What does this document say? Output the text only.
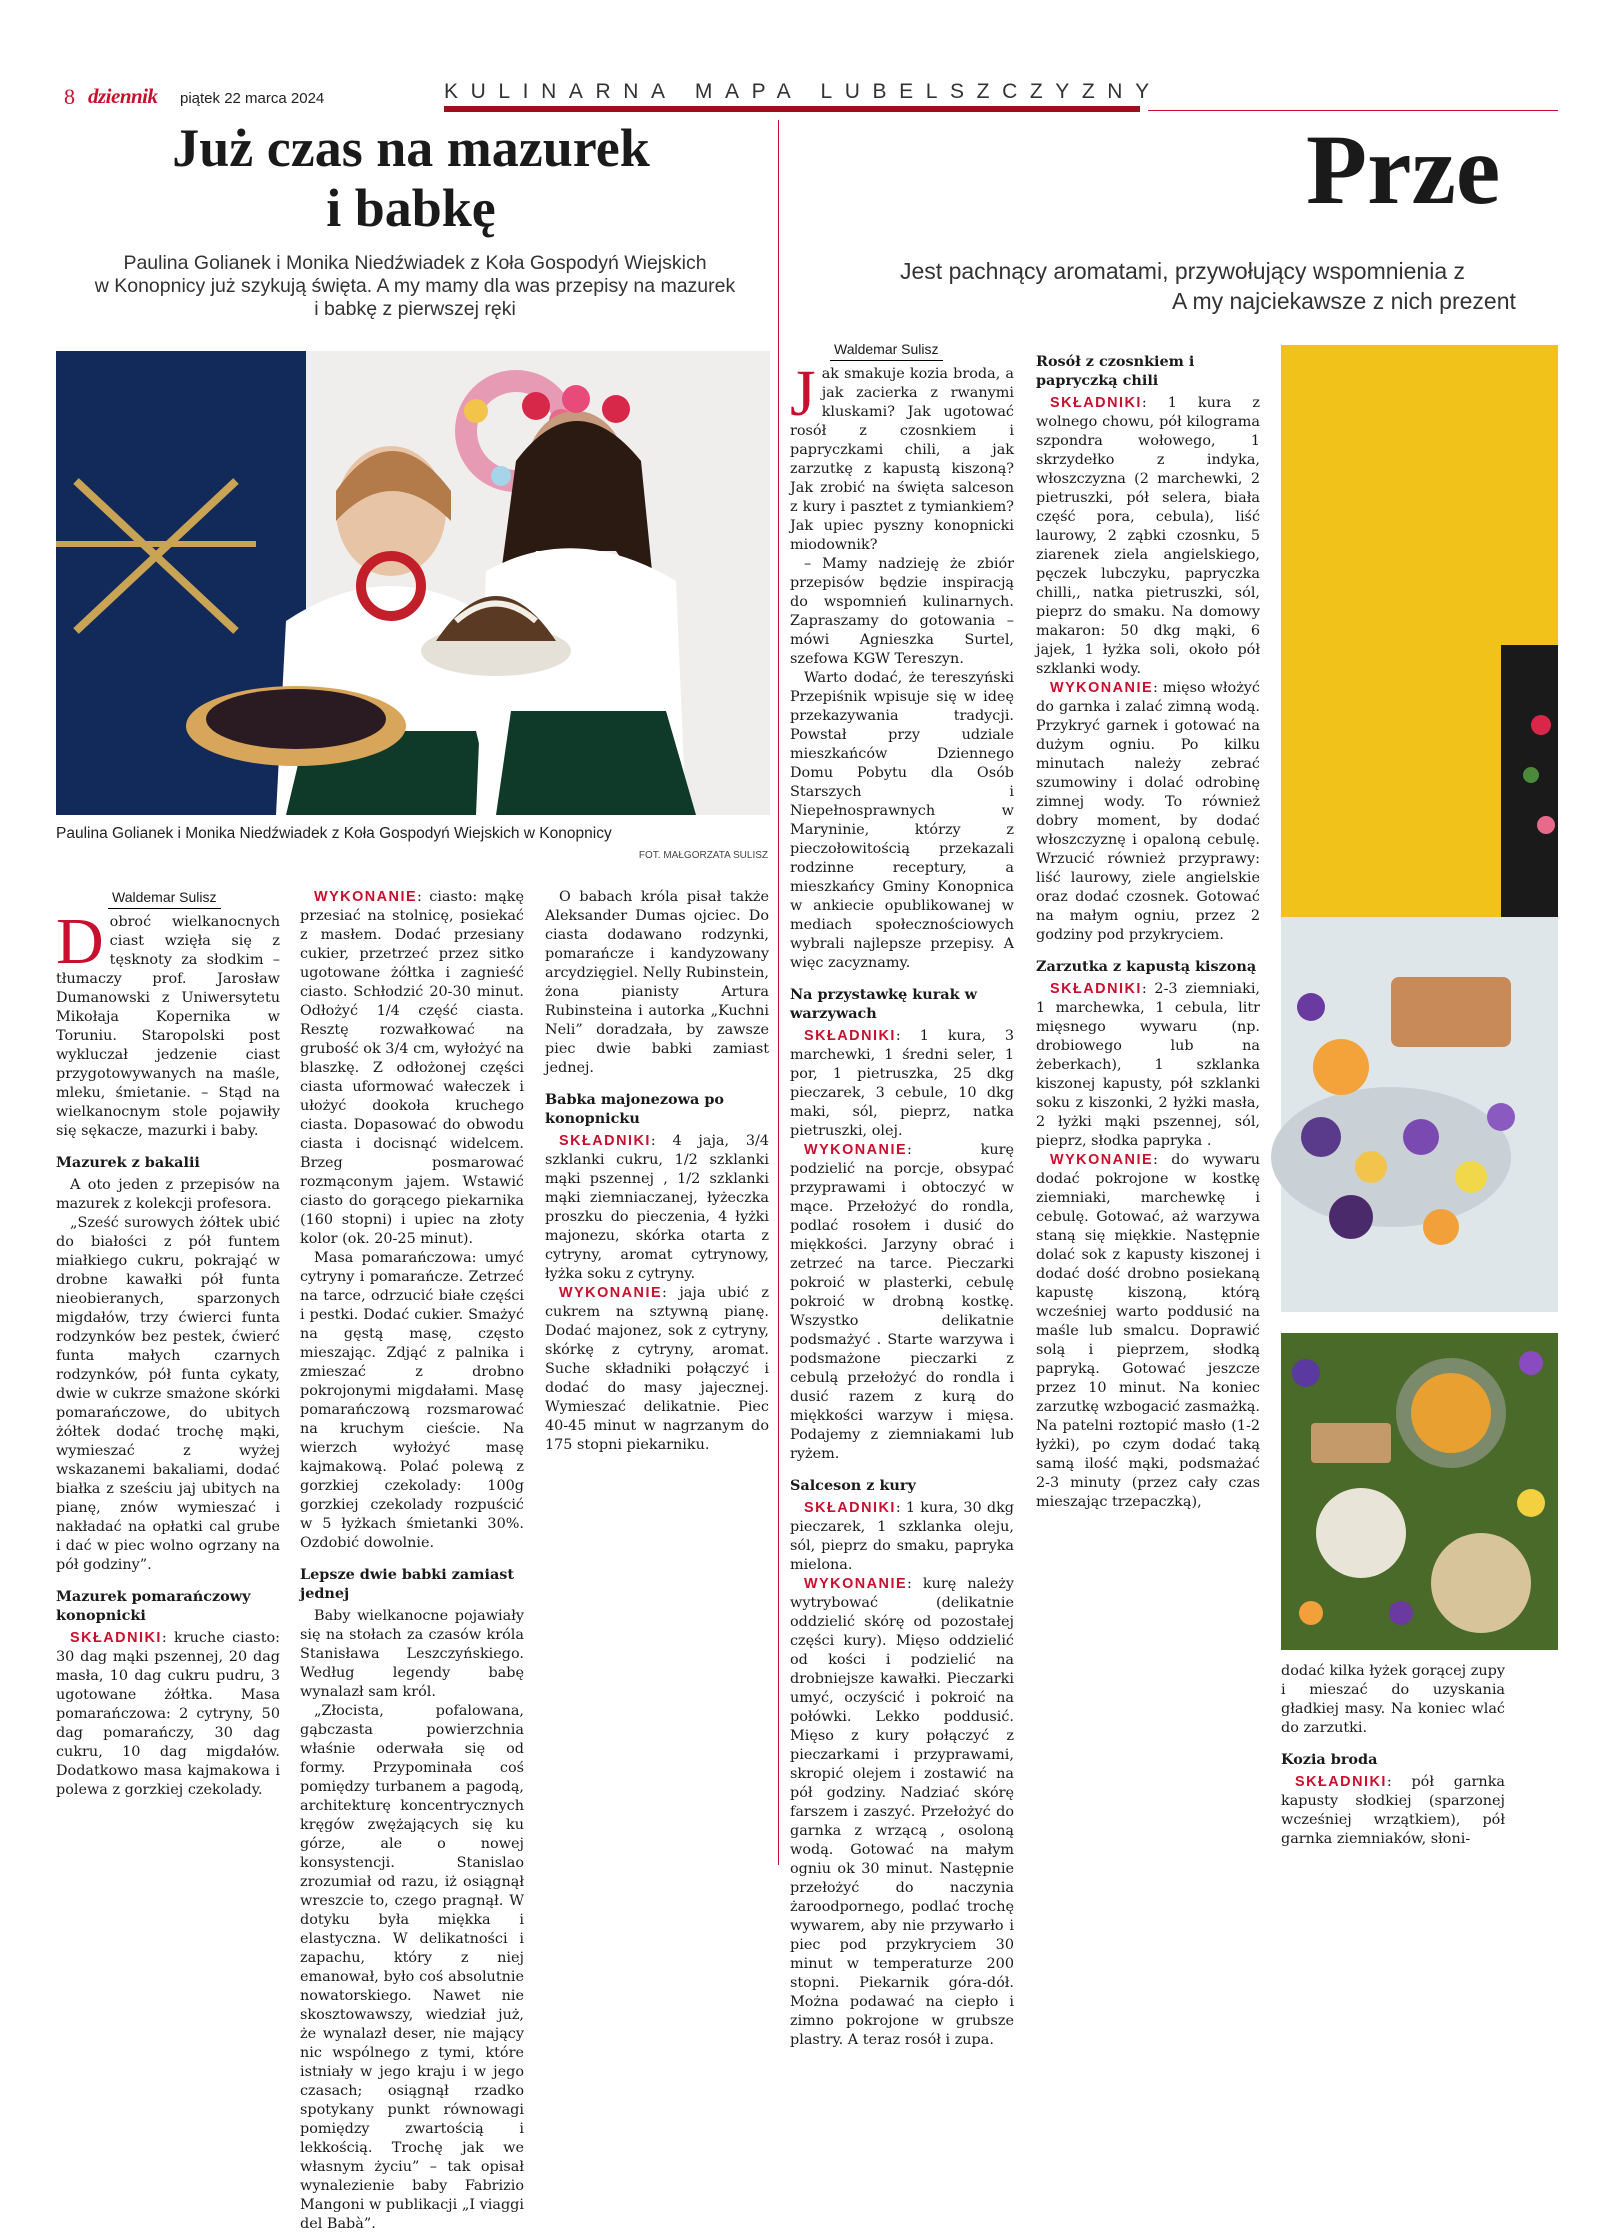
8 dziennik piątek 22 marca 2024	KULINARNA MAPA LUBELSZCZYZNY
Już czas na mazurek
i babkę
Paulina Golianek i Monika Niedźwiadek z Koła Gospodyń Wiejskich
w Konopnicy już szykują święta. A my mamy dla was przepisy na mazurek
i babkę z pierwszej ręki
Paulina Golianek i Monika Niedźwiadek z Koła Gospodyń Wiejskich w Konopnicy
FOT. MAŁGORZATA SULISZ
Waldemar Sulisz

Dobroć wielkanocnych ciast wzięła się z tęsknoty za słodkim – tłumaczy prof. Jarosław Dumanowski z Uniwersytetu Mikołaja Kopernika w Toruniu. Staropolski post wykluczał jedzenie ciast przygotowywanych na maśle, mleku, śmietanie. – Stąd na wielkanocnym stole pojawiły się sękacze, mazurki i baby.

Mazurek z bakalii

A oto jeden z przepisów na mazurek z kolekcji profesora.

„Sześć surowych żółtek ubić do białości z pół funtem miałkiego cukru, pokrająć w drobne kawałki pół funta nieobieranych, sparzonych migdałów, trzy ćwierci funta rodzynków bez pestek, ćwierć funta małych czarnych rodzynków, pół funta cykaty, dwie w cukrze smażone skórki pomarańczowe, do ubitych żółtek dodać trochę mąki, wymieszać z wyżej wskazanemi bakaliami, dodać białka z sześciu jaj ubitych na pianę, znów wymieszać i nakładać na opłatki cal grube i dać w piec wolno ogrzany na pół godziny”.

Mazurek pomarańczowy konopnicki

SKŁADNIKI: kruche ciasto: 30 dag mąki pszennej, 20 dag masła, 10 dag cukru pudru, 3 ugotowane żółtka. Masa pomarańczowa: 2 cytryny, 50 dag pomarańczy, 30 dag cukru, 10 dag migdałów. Dodatkowo masa kajmakowa i polewa z gorzkiej czekolady.

WYKONANIE: ciasto: mąkę przesiać na stolnicę, posiekać z masłem. Dodać przesiany cukier, przetrzeć przez sitko ugotowane żółtka i zagnieść ciasto. Schłodzić 20-30 minut. Odłożyć 1/4 część ciasta. Resztę rozwałkować na grubość ok 3/4 cm, wyłożyć na blaszkę. Z odłożonej części ciasta uformować wałeczek i ułożyć dookoła kruchego ciasta. Dopasować do obwodu ciasta i docisnąć widelcem. Brzeg posmarować rozmąconym jajem. Wstawić ciasto do gorącego piekarnika (160 stopni) i upiec na złoty kolor (ok. 20-25 minut).

Masa pomarańczowa: umyć cytryny i pomarańcze. Zetrzeć na tarce, odrzucić białe części i pestki. Dodać cukier. Smażyć na gęstą masę, często mieszając. Zdjąć z palnika i zmieszać z drobno pokrojonymi migdałami. Masę pomarańczową rozsmarować na kruchym cieście. Na wierzch wyłożyć masę kajmakową. Polać polewą z gorzkiej czekolady: 100g gorzkiej czekolady rozpuścić w 5 łyżkach śmietanki 30%. Ozdobić dowolnie.

Lepsze dwie babki zamiast jednej

Baby wielkanocne pojawiały się na stołach za czasów króla Stanisława Leszczyńskiego. Według legendy babę wynalazł sam król.

„Złocista, pofalowana, gąbczasta powierzchnia właśnie oderwała się od formy. Przypominała coś pomiędzy turbanem a pagodą, architekturę koncentrycznych kręgów zwężających się ku górze, ale o nowej konsystencji. Stanislao zrozumiał od razu, iż osiągnął wreszcie to, czego pragnął. W dotyku była miękka i elastyczna. W delikatności i zapachu, który z niej emanował, było coś absolutnie nowatorskiego. Nawet nie skosztowawszy, wiedział już, że wynalazł deser, nie mający nic wspólnego z tymi, które istniały w jego kraju i w jego czasach; osiągnął rzadko spotykany punkt równowagi pomiędzy zwartością i lekkością. Trochę jak we własnym życiu” – tak opisał wynalezienie baby Fabrizio Mangoni w publikacji „I viaggi del Babà”.

O babach króla pisał także Aleksander Dumas ojciec. Do ciasta dodawano rodzynki, pomarańcze i kandyzowany arcydzięgiel. Nelly Rubinstein, żona pianisty Artura Rubinsteina i autorka „Kuchni Neli” doradzała, by zawsze piec dwie babki zamiast jednej.

Babka majonezowa po konopnicku

SKŁADNIKI: 4 jaja, 3/4 szklanki cukru, 1/2 szklanki mąki pszennej , 1/2 szklanki mąki ziemniaczanej, łyżeczka proszku do pieczenia, 4 łyżki majonezu, skórka otarta z cytryny, aromat cytrynowy, łyżka soku z cytryny.

WYKONANIE: jaja ubić z cukrem na sztywną pianę. Dodać majonez, sok z cytryny, skórkę z cytryny, aromat. Suche składniki połączyć i dodać do masy jajecznej. Wymieszać delikatnie. Piec 40-45 minut w nagrzanym do 175 stopni piekarniku.

Prze
Jest pachnący aromatami, przywołujący wspomnienia z
A my najciekawsze z nich prezent
Waldemar Sulisz

Jak smakuje kozia broda, a jak zacierka z rwanymi kluskami? Jak ugotować rosół z czosnkiem i papryczkami chili, a jak zarzutkę z kapustą kiszoną? Jak zrobić na święta salceson z kury i pasztet z tymiankiem? Jak upiec pyszny konopnicki miodownik?

– Mamy nadzieję że zbiór przepisów będzie inspiracją do wspomnień kulinarnych. Zapraszamy do gotowania – mówi Agnieszka Surtel, szefowa KGW Tereszyn.

Warto dodać, że tereszyński Przepiśnik wpisuje się w ideę przekazywania tradycji. Powstał przy udziale mieszkańców Dziennego Domu Pobytu dla Osób Starszych i Niepełnosprawnych w Maryninie, którzy z pieczołowitością przekazali rodzinne receptury, a mieszkańcy Gminy Konopnica w ankiecie opublikowanej w mediach społecznościowych wybrali najlepsze przepisy. A więc zacyznamy.

Na przystawkę kurak w warzywach

SKŁADNIKI: 1 kura, 3 marchewki, 1 średni seler, 1 por, 1 pietruszka, 25 dkg pieczarek, 3 cebule, 10 dkg maki, sól, pieprz, natka pietruszki, olej.

WYKONANIE: kurę podzielić na porcje, obsypać przyprawami i obtoczyć w mące. Przełożyć do rondla, podlać rosołem i dusić do miękkości. Jarzyny obrać i zetrzeć na tarce. Pieczarki pokroić w plasterki, cebulę pokroić w drobną kostkę. Wszystko delikatnie podsmażyć . Starte warzywa i podsmażone pieczarki z cebulą przełożyć do rondla i dusić razem z kurą do miękkości warzyw i mięsa. Podajemy z ziemniakami lub ryżem.

Salceson z kury

SKŁADNIKI: 1 kura, 30 dkg pieczarek, 1 szklanka oleju, sól, pieprz do smaku, papryka mielona.

WYKONANIE: kurę należy wytrybować (delikatnie oddzielić skórę od pozostałej części kury). Mięso oddzielić od kości i podzielić na drobniejsze kawałki. Pieczarki umyć, oczyścić i pokroić na połówki. Lekko poddusić. Mięso z kury połączyć z pieczarkami i przyprawami, skropić olejem i zostawić na pół godziny. Nadziać skórę farszem i zaszyć. Przełożyć do garnka z wrzącą , osoloną wodą. Gotować na małym ogniu ok 30 minut. Następnie przełożyć do naczynia żaroodpornego, podlać trochę wywarem, aby nie przywarło i piec pod przykryciem 30 minut w temperaturze 200 stopni. Piekarnik góra-dół. Można podawać na ciepło i zimno pokrojone w grubsze plastry. A teraz rosół i zupa.

Rosół z czosnkiem i papryczką chili

SKŁADNIKI: 1 kura z wolnego chowu, pół kilograma szpondra wołowego, 1 skrzydełko z indyka, włoszczyzna (2 marchewki, 2 pietruszki, pół selera, biała część pora, cebula), liść laurowy, 2 ząbki czosnku, 5 ziarenek ziela angielskiego, pęczek lubczyku, papryczka chilli,, natka pietruszki, sól, pieprz do smaku. Na domowy makaron: 50 dkg mąki, 6 jajek, 1 łyżka soli, około pół szklanki wody.

WYKONANIE: mięso włożyć do garnka i zalać zimną wodą. Przykryć garnek i gotować na dużym ogniu. Po kilku minutach należy zebrać szumowiny i dolać odrobinę zimnej wody. To również dobry moment, by dodać włoszczyznę i opaloną cebulę. Wrzucić również przyprawy: liść laurowy, ziele angielskie oraz dodać czosnek. Gotować na małym ogniu, przez 2 godziny pod przykryciem.

Zarzutka z kapustą kiszoną

SKŁADNIKI: 2-3 ziemniaki, 1 marchewka, 1 cebula, litr mięsnego wywaru (np. drobiowego lub na żeberkach), 1 szklanka kiszonej kapusty, pół szklanki soku z kiszonki, 2 łyżki masła, 2 łyżki mąki pszennej, sól, pieprz, słodka papryka .

WYKONANIE: do wywaru dodać pokrojone w kostkę ziemniaki, marchewkę i cebulę. Gotować, aż warzywa staną się miękkie. Następnie dolać sok z kapusty kiszonej i dodać dość drobno posiekaną kapustę kiszoną, którą wcześniej warto poddusić na maśle lub smalcu. Doprawić solą i pieprzem, słodką papryką. Gotować jeszcze przez 10 minut. Na koniec zarzutkę wzbogacić zasmażką. Na patelni roztopić masło (1-2 łyżki), po czym dodać taką samą ilość mąki, podsmażać 2-3 minuty (przez cały czas mieszając trzepaczką),

dodać kilka łyżek gorącej zupy i mieszać do uzyskania gładkiej masy. Na koniec wlać do zarzutki.

Kozia broda

SKŁADNIKI: pół garnka kapusty słodkiej (sparzonej wcześniej wrzątkiem), pół garnka ziemniaków, słoni-
